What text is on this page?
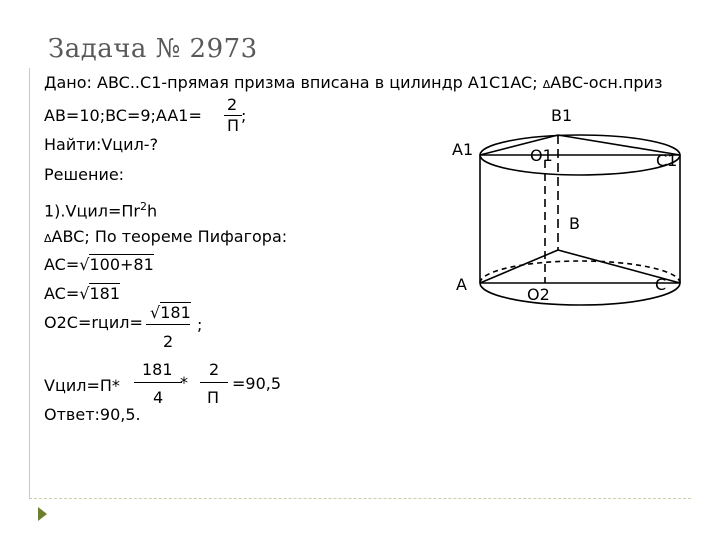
Задача № 2973
Дано: ABC..C1-прямая призма вписана в цилиндр A1C1AC; ΔABC-осн.приз
AB=10;BC=9;AA1=
2
П
;
Найти:Vцил-?
Решение:
$1).Vцил=Пr^2h$
ΔABC; По теореме Пифагора:
AC=√100+81
AC=√181
O2C=rцил=
√181
2
;
Vцил=П*
181
4
*
2
П
=90,5
Ответ:90,5.
B1
A1	O1	C1
B
A
O2
C
